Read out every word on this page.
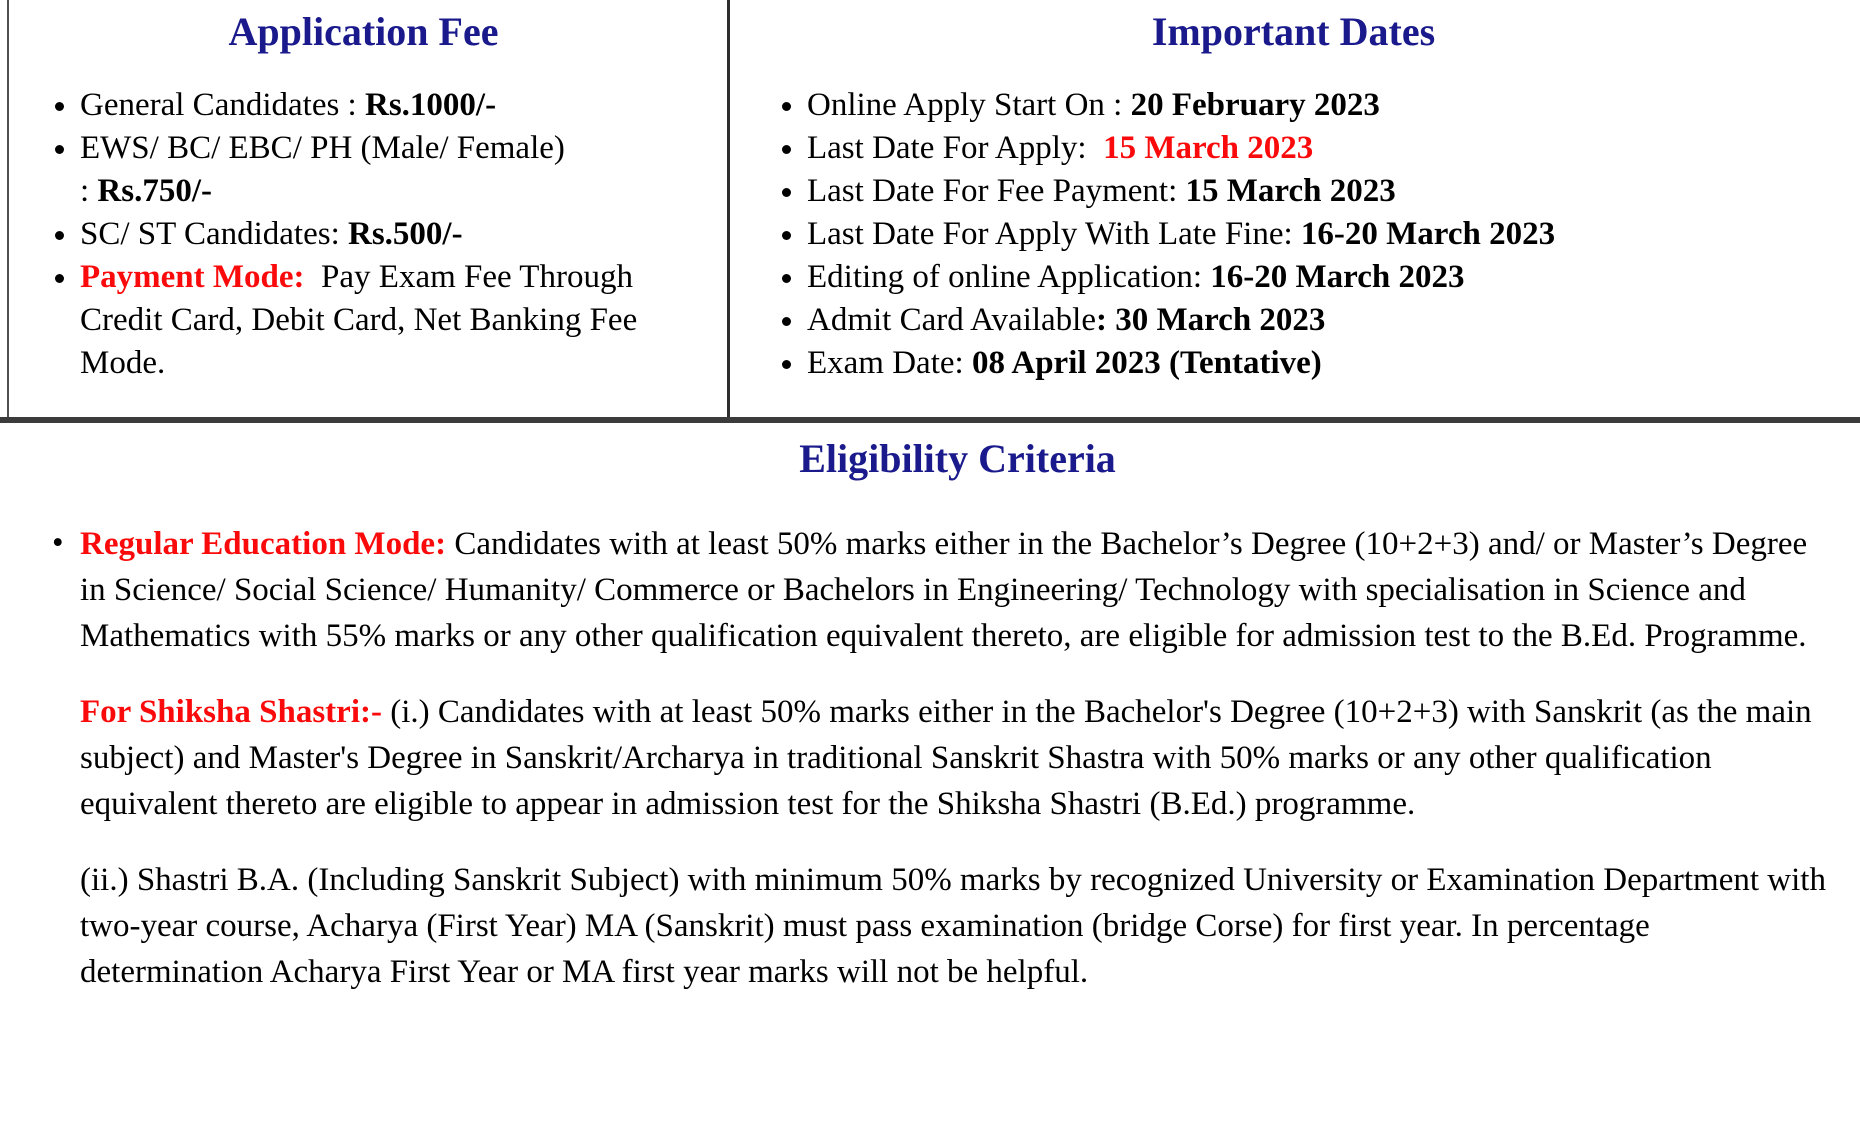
Application Fee
• General Candidates : Rs.1000/-
• EWS/ BC/ EBC/ PH (Male/ Female)
: Rs.750/-
• SC/ ST Candidates: Rs.500/-
• Payment Mode:  Pay Exam Fee Through Credit Card, Debit Card, Net Banking Fee Mode.
Important Dates
• Online Apply Start On : 20 February 2023
• Last Date For Apply:  15 March 2023
• Last Date For Fee Payment: 15 March 2023
• Last Date For Apply With Late Fine: 16-20 March 2023
• Editing of online Application: 16-20 March 2023
• Admit Card Available: 30 March 2023
• Exam Date: 08 April 2023 (Tentative)
Eligibility Criteria

• Regular Education Mode: Candidates with at least 50% marks either in the Bachelor’s Degree (10+2+3) and/ or Master’s Degree in Science/ Social Science/ Humanity/ Commerce or Bachelors in Engineering/ Technology with specialisation in Science and Mathematics with 55% marks or any other qualification equivalent thereto, are eligible for admission test to the B.Ed. Programme.

For Shiksha Shastri:- (i.) Candidates with at least 50% marks either in the Bachelor's Degree (10+2+3) with Sanskrit (as the main subject) and Master's Degree in Sanskrit/Archarya in traditional Sanskrit Shastra with 50% marks or any other qualification equivalent thereto are eligible to appear in admission test for the Shiksha Shastri (B.Ed.) programme.

(ii.) Shastri B.A. (Including Sanskrit Subject) with minimum 50% marks by recognized University or Examination Department with two-year course, Acharya (First Year) MA (Sanskrit) must pass examination (bridge Corse) for first year. In percentage determination Acharya First Year or MA first year marks will not be helpful.
